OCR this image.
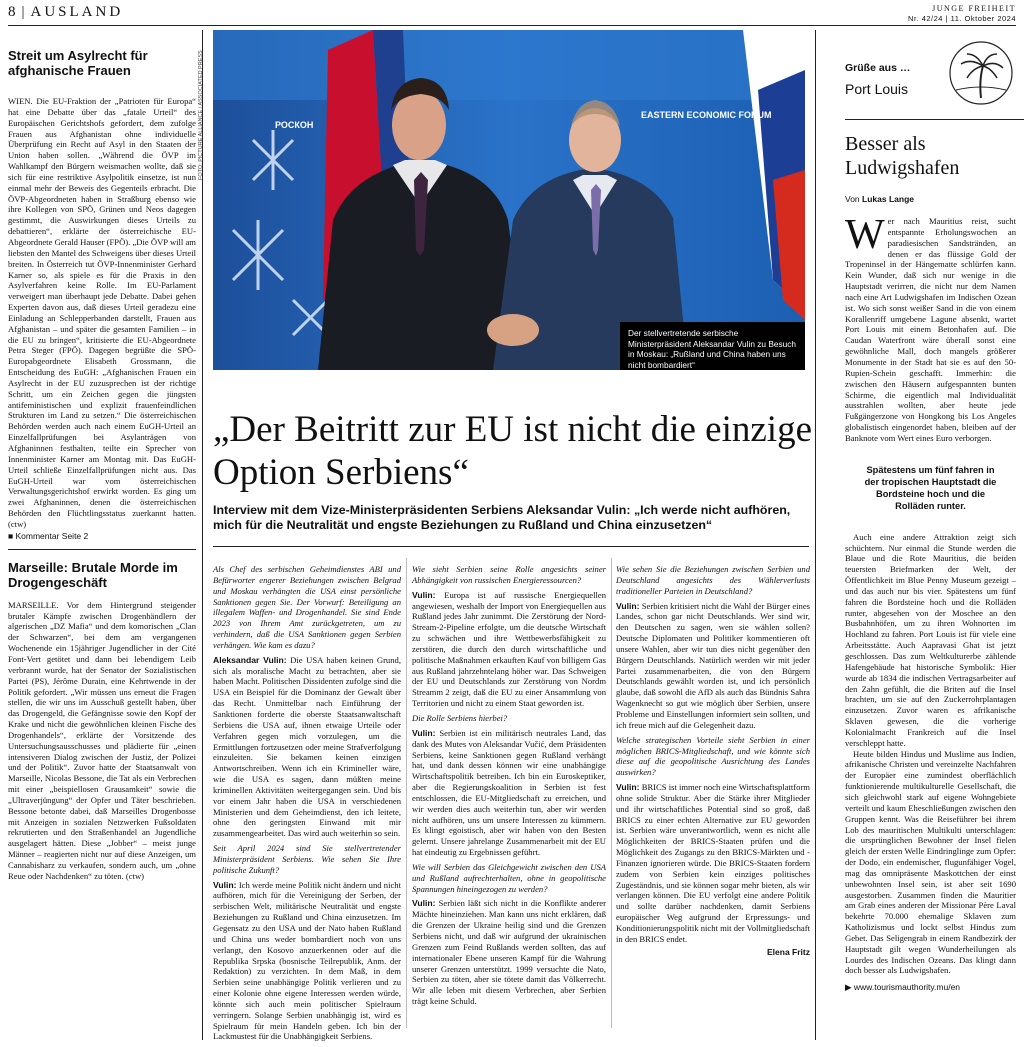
8 | AUSLAND	JUNGE FREIHEIT
Nr. 42/24 | 11. Oktober 2024
Streit um Asylrecht für afghanische Frauen

WIEN. Die EU-Fraktion der „Patrioten für Europa“ hat eine Debatte über das „fatale Urteil“ des Europäischen Gerichtshofs gefordert, dem zufolge Frauen aus Afghanistan ohne individuelle Überprüfung ein Recht auf Asyl in den Staaten der Union haben sollen. „Während die ÖVP im Wahlkampf den Bürgern weismachen wollte, daß sie sich für eine restriktive Asylpolitik einsetze, ist nun einmal mehr der Beweis des Gegenteils erbracht. Die ÖVP-Abgeordneten haben in Straßburg ebenso wie ihre Kollegen von SPÖ, Grünen und Neos dagegen gestimmt, die Auswirkungen dieses Urteils zu debattieren“, erklärte der österreichische EU-Abgeordnete Gerald Hauser (FPÖ). „Die ÖVP will am liebsten den Mantel des Schweigens über dieses Urteil breiten. In Österreich tut ÖVP-Innenminister Gerhard Karner so, als spiele es für die Praxis in den Asylverfahren keine Rolle. Im EU-Parlament verweigert man überhaupt jede Debatte. Dabei gehen Experten davon aus, daß dieses Urteil geradezu eine Einladung an Schlepperbanden darstellt, Frauen aus Afghanistan – und später die gesamten Familien – in die EU zu bringen“, kritisierte die EU-Abgeordnete Petra Steger (FPÖ). Dagegen begrüßte die SPÖ-Europabgeordnete Elisabeth Grossmann, die Entscheidung des EuGH: „Afghanischen Frauen ein Asylrecht in der EU zuzusprechen ist der richtige Schritt, um ein Zeichen gegen die jüngsten antifeministischen und explizit frauenfeindlichen Strukturen im Land zu setzen.“ Die österreichischen Behörden werden auch nach einem EuGH-Urteil an Einzelfallprüfungen bei Asylanträgen von Afghaninnen festhalten, teilte ein Sprecher von Innenminister Karner am Montag mit. Das EuGH-Urteil schließe Einzelfallprüfungen nicht aus. Das EuGH-Urteil war vom österreichischen Verwaltungsgerichtshof erwirkt worden. Es ging um zwei Afghaninnen, denen die österreichischen Behörden den Flüchtlingsstatus zuerkannt hatten. (ctw)

■ Kommentar Seite 2
Marseille: Brutale Morde im Drogengeschäft

MARSEILLE. Vor dem Hintergrund steigender brutaler Kämpfe zwischen Drogenhändlern der algerischen „DZ Mafia“ und dem komorischen „Clan der Schwarzen“, bei dem am vergangenen Wochenende ein 15jähriger Jugendlicher in der Cité Font-Vert getötet und dann bei lebendigem Leib verbrannt wurde, hat der Senator der Sozialistischen Partei (PS), Jérôme Durain, eine Kehrtwende in der Politik gefordert. „Wir müssen uns erneut die Fragen stellen, die wir uns im Ausschuß gestellt haben, über das Drogengeld, die Gefängnisse sowie den Kopf der Krake und nicht die gewöhnlichen kleinen Fische des Drogenhandels“, erklärte der Vorsitzende des Untersuchungsausschusses und plädierte für „einen intensiveren Dialog zwischen der Justiz, der Polizei und der Politik“. Zuvor hatte der Staatsanwalt von Marseille, Nicolas Bessone, die Tat als ein Verbrechen mit einer „beispiellosen Grausamkeit“ sowie die „Ultraverjüngung“ der Opfer und Täter beschrieben. Bessone betonte dabei, daß Marseilles Drogenbosse mit Anzeigen in sozialen Netzwerken Fußsoldaten rekrutierten und den Straßenhandel an Jugendliche ausgelagert hätten. Diese „Jobber“ – meist junge Männer – reagierten nicht nur auf diese Anzeigen, um Cannabisharz zu verkaufen, sondern auch, um „ohne Reue oder Nachdenken“ zu töten. (ctw)

FOTO: PICTURE ALLIANCE / ASSOCIATED PRESS	РОСКОН
EASTERN ECONOMIC FORUM
Der stellvertretende serbische Ministerpräsident Aleksandar Vulin zu Besuch in Moskau: „Rußland und China haben uns nicht bombardiert“
„Der Beitritt zur EU ist nicht die einzige Option Serbiens“
Interview mit dem Vize-Ministerpräsidenten Serbiens Aleksandar Vulin: „Ich werde nicht aufhören, mich für die Neutralität und engste Beziehungen zu Rußland und China einzusetzen“

Als Chef des serbischen Geheimdienstes ABI und Befürworter engerer Beziehungen zwischen Belgrad und Moskau verhängten die USA einst persönliche Sanktionen gegen Sie. Der Vorwurf: Beteiligung an illegalem Waffen- und Drogenhandel. Sie sind Ende 2023 von Ihrem Amt zurückgetreten, um zu verhindern, daß die USA Sanktionen gegen Serbien verhängen. Wie kam es dazu?

Aleksandar Vulin: Die USA haben keinen Grund, sich als moralische Macht zu betrachten, aber sie haben Macht. Politischen Dissidenten zufolge sind die USA ein Beispiel für die Dominanz der Gewalt über das Recht. Unmittelbar nach Einführung der Sanktionen forderte die oberste Staatsanwaltschaft Serbiens die USA auf, ihnen etwaige Urteile oder Verfahren gegen mich vorzulegen, um die Ermittlungen fortzusetzen oder meine Strafverfolgung einzuleiten. Sie bekamen keinen einzigen Antwortschreiben. Wenn ich ein Krimineller wäre, wie die USA es sagen, dann müßten meine kriminellen Aktivitäten weitergegangen sein. Und bis vor einem Jahr haben die USA in verschiedenen Ministerien und dem Geheimdienst, den ich leitete, ohne den geringsten Einwand mit mir zusammengearbeitet. Das wird auch weiterhin so sein.

Seit April 2024 sind Sie stellvertretender Ministerpräsident Serbiens. Wie sehen Sie Ihre politische Zukunft?

Vulin: Ich werde meine Politik nicht ändern und nicht aufhören, mich für die Vereinigung der Serben, der serbischen Welt, militärische Neutralität und engste Beziehungen zu Rußland und China einzusetzen. Im Gegensatz zu den USA und der Nato haben Rußland und China uns weder bombardiert noch von uns verlangt, den Kosovo anzuerkennen oder auf die Republika Srpska (bosnische Teilrepublik, Anm. der Redaktion) zu verzichten. In dem Maß, in dem Serbien seine unabhängige Politik verlieren und zu einer Kolonie ohne eigene Interessen werden würde, könnte sich auch mein politischer Spielraum verringern. Solange Serbien unabhängig ist, wird es Spielraum für mein Handeln geben. Ich bin der Lackmustest für die Unabhängigkeit Serbiens.

Wie sieht Serbien seine Rolle angesichts seiner Abhängigkeit von russischen Energieressourcen?

Vulin: Europa ist auf russische Energiequellen angewiesen, weshalb der Import von Energiequellen aus Rußland jedes Jahr zunimmt. Die Zerstörung der Nord-Stream-2-Pipeline erfolgte, um die deutsche Wirtschaft zu schwächen und ihre Wettbewerbsfähigkeit zu zerstören, die durch den durch wirtschaftliche und politische Maßnahmen erkauften Kauf von billigem Gas aus Rußland jahrzehntelang höher war. Das Schweigen der EU und Deutschlands zur Zerstörung von Nordm Streamm 2 zeigt, daß die EU zu einer Ansammlung von Territorien und nicht zu einem Staat geworden ist.

Die Rolle Serbiens hierbei?

Vulin: Serbien ist ein militärisch neutrales Land, das dank des Mutes von Aleksandar Vučić, dem Präsidenten Serbiens, keine Sanktionen gegen Rußland verhängt hat, und dank dessen können wir eine unabhängige Wirtschaftspolitik betreiben. Ich bin ein Euroskeptiker, aber die Regierungskoalition in Serbien ist fest entschlossen, die EU-Mitgliedschaft zu erreichen, und wir werden dies auch weiterhin tun, aber wir werden nicht aufhören, uns um unsere Interessen zu kümmern. Es klingt egoistisch, aber wir haben von den Besten gelernt. Unsere jahrelange Zusammenarbeit mit der EU hat eindeutig zu Ergebnissen geführt.

Wie will Serbien das Gleichgewicht zwischen den USA und Rußland aufrechterhalten, ohne in geopolitische Spannungen hineingezogen zu werden?

Vulin: Serbien läßt sich nicht in die Konflikte anderer Mächte hineinziehen. Man kann uns nicht erklären, daß die Grenzen der Ukraine heilig sind und die Grenzen Serbiens nicht, und daß wir aufgrund der ukrainischen Grenzen zum Feind Rußlands werden sollten, das auf internationaler Ebene unseren Kampf für die Wahrung unserer Grenzen unterstützt. 1999 versuchte die Nato, Serbien zu töten, aber sie tötete damit das Völkerrecht. Wir alle leben mit diesem Verbrechen, aber Serbien trägt keine Schuld.

Wie sehen Sie die Beziehungen zwischen Serbien und Deutschland angesichts des Wählerverlusts traditioneller Parteien in Deutschland?

Vulin: Serbien kritisiert nicht die Wahl der Bürger eines Landes, schon gar nicht Deutschlands. Wer sind wir, den Deutschen zu sagen, wen sie wählen sollen? Deutsche Diplomaten und Politiker kommentieren oft unsere Wahlen, aber wir tun dies nicht gegenüber den Bürgern Deutschlands. Natürlich werden wir mit jeder Partei zusammenarbeiten, die von den Bürgern Deutschlands gewählt worden ist, und ich persönlich glaube, daß sowohl die AfD als auch das Bündnis Sahra Wagenknecht so gut wie möglich über Serbien, unsere Probleme und Einstellungen informiert sein sollten, und ich freue mich auf die Gelegenheit dazu.

Welche strategischen Vorteile sieht Serbien in einer möglichen BRICS-Mitgliedschaft, und wie könnte sich diese auf die geopolitische Ausrichtung des Landes auswirken?

Vulin: BRICS ist immer noch eine Wirtschaftsplattform ohne solide Struktur. Aber die Stärke ihrer Mitglieder und ihr wirtschaftliches Potential sind so groß, daß BRICS zu einer echten Alternative zur EU geworden ist. Serbien wäre unverantwortlich, wenn es nicht alle Möglichkeiten der BRICS-Staaten prüfen und die Möglichkeit des Zugangs zu den BRICS-Märkten und -Finanzen ignorieren würde. Die BRICS-Staaten fordern zudem von Serbien kein einziges politisches Zugeständnis, und sie können sogar mehr bieten, als wir verlangen können. Die EU verfolgt eine andere Politik und sollte darüber nachdenken, damit Serbiens europäischer Weg aufgrund der Erpressungs- und Konditionierungspolitik nicht mit der Vollmitgliedschaft in den BRICS endet.

Elena Fritz
Grüße aus …
Port Louis
Besser als Ludwigshafen
Von Lukas Lange

Wer nach Mauritius reist, sucht entspannte Erholungswochen an paradiesischen Sandstränden, an denen er das flüssige Gold der Tropeninsel in der Hängematte schlürfen kann. Kein Wunder, daß sich nur wenige in die Hauptstadt verirren, die nicht nur dem Namen nach eine Art Ludwigshafen im Indischen Ozean ist. Wo sich sonst weißer Sand in die von einem Korallenriff umgebene Lagune absenkt, wartet Port Louis mit einem Betonhafen auf. Die Caudan Waterfront wäre überall sonst eine gewöhnliche Mall, doch mangels größerer Monumente in der Stadt hat sie es auf den 50-Rupien-Schein geschafft. Immerhin: die zwischen den Häusern aufgespannten bunten Schirme, die eigentlich mal Individualität ausstrahlen wollten, aber heute jede Fußgängerzone von Hongkong bis Los Angeles globalistisch eingenordet haben, bleiben auf der Banknote vom Wert eines Euro verborgen.

Spätestens um fünf fahren in der tropischen Hauptstadt die Bordsteine hoch und die Rolläden runter.

Auch eine andere Attraktion zeigt sich schüchtern. Nur einmal die Stunde werden die Blaue und die Rote Mauritius, die beiden teuersten Briefmarken der Welt, der Öffentlichkeit im Blue Penny Museum gezeigt – und das auch nur bis vier. Spätestens um fünf fahren die Bordsteine hoch und die Rolläden runter, abgesehen von der Moschee an den Busbahnhöfen, um zu ihren Wohnorten im Hochland zu fahren. Port Louis ist für viele eine Arbeitsstätte. Auch Aapravasi Ghat ist jetzt geschlossen. Das zum Weltkulturerbe zählende Hafengebäude hat historische Symbolik: Hier wurde ab 1834 die indischen Vertragsarbeiter auf den Zahn gefühlt, die die Briten auf die Insel brachten, um sie auf den Zuckerrohrplantagen einzusetzen. Zuvor waren es afrikanische Sklaven gewesen, die die vorherige Kolonialmacht Frankreich auf die Insel verschleppt hatte.

Heute bilden Hindus und Muslime aus Indien, afrikanische Christen und vereinzelte Nachfahren der Europäer eine zumindest oberflächlich funktionierende multikulturelle Gesellschaft, die sich gleichwohl stark auf eigene Wohngebiete verteilt und kaum Eheschließungen zwischen den Gruppen kennt. Was die Reiseführer bei ihrem Lob des mauritischen Multikulti unterschlagen: die ursprünglichen Bewohner der Insel fielen gleich der ersten Welle Eindringlinge zum Opfer: der Dodo, ein endemischer, flugunfähiger Vogel, mag das omnipräsente Maskottchen der einst unbewohnten Insel sein, ist aber seit 1690 ausgestorben. Zusammen finden die Mauritier am Grab eines anderen der Missionar Père Laval bekehrte 70.000 ehemalige Sklaven zum Katholizismus und lockt selbst Hindus zum Gebet. Das Seligengrab in einem Randbezirk der Hauptstadt gilt wegen Wunderheilungen als Lourdes des Indischen Ozeans. Das klingt dann doch besser als Ludwigshafen.

▶ www.tourismauthority.mu/en
